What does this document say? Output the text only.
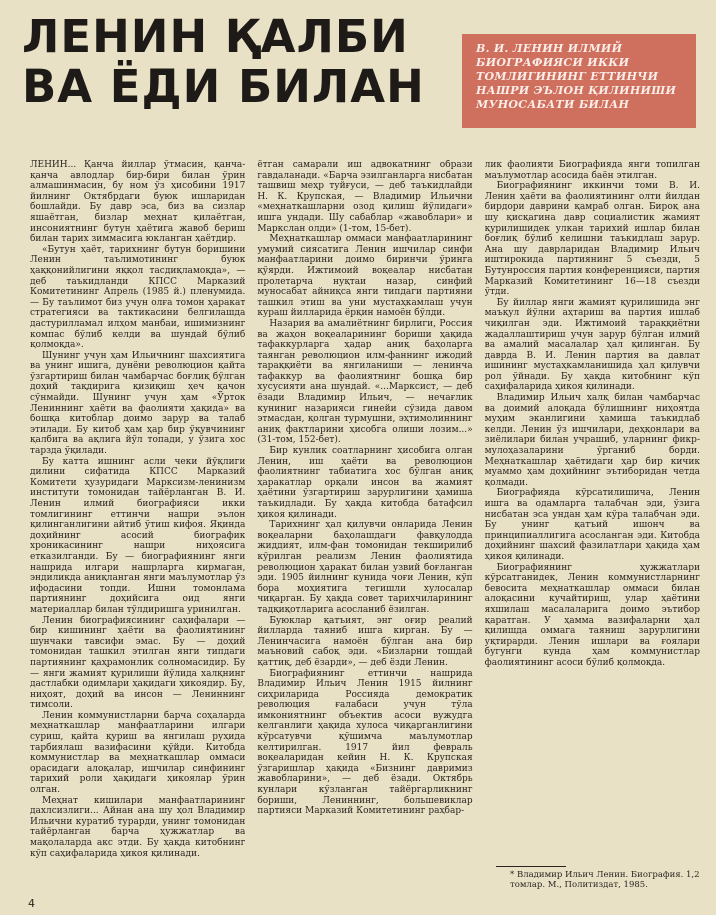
ЛЕНИН ҚАЛБИ
ВА ЁДИ БИЛАН
В. И. ЛЕНИН ИЛМИЙ БИОГРАФИЯСИ ИККИ ТОМЛИГИНИНГ ЕТТИНЧИ НАШРИ ЭЪЛОН ҚИЛИНИШИ МУНОСАБАТИ БИЛАН

ЛЕНИН... Қанча йиллар ўтмасин, қанча-қанча авлодлар бир-бири билан ўрин алмашинмасин, бу ном ўз ҳисобини 1917 йилнинг Октябрдаги буюк ишларидан бошлайди. Бу давр эса, биз ва сизлар яшаётган, бизлар меҳнат қилаётган, инсониятнинг бутун ҳаётига жавоб бериш билан тарих зиммасига юкланган ҳаётдир.

«Бутун ҳаёт, тарихнинг бутун боришини Ленин таълимотининг буюк ҳаққонийлигини яққол тасдиқламоқда», — деб таъкидланди КПСС Марказий Комитетининг Апрель (1985 й.) пленумида. — Бу таълимот биз учун олға томон ҳаракат стратегияси ва тактикасини белгилашда дастурилламал илҳом манбаи, ишимизнинг компас бўлиб келди ва шундай бўлиб қолмоқда».

Шунинг учун ҳам Ильичнинг шахсиятига ва унинг ишига, дунёни революцион қайта ўзгартириш билан чамбарчас боғлиқ бўлган доҳий тақдирига қизиқиш ҳеч қачон сўнмайди. Шунинг учун ҳам «Ўртоқ Лениннинг ҳаёти ва фаолияти ҳақида» ва бошқа китоблар доимо зарур ва талаб этилади. Бу китоб ҳам ҳар бир ўқувчининг қалбига ва ақлига йўл топади, у ўзига хос тарзда ўқилади.

Бу катта ишнинг асли чеки йўқлиги дилини сифатида КПСС Марказий Комитети ҳузуридаги Марксизм-ленинизм институти томонидан тайёрланган В. И. Ленин илмий биографияси икки томлигининг еттинчи нашри эълон қилинганлигини айтиб ўтиш кифоя. Яқинда доҳийнинг асосий биографик хроникасининг нашри ниҳоясига етказилганди. Бу — биографиянинг янги нашрида илгари нашрларга кирмаган, эндиликда аниқланган янги маълумотлар ўз ифодасини топди. Ишни томонлама партиянинг доҳийсига оид янги материаллар билан тўлдиришга уринилган.

Ленин биографиясининг саҳифалари — бир кишининг ҳаёти ва фаолиятининг шунчаки тавсифи эмас. Бу — доҳий томонидан ташкил этилган янги типдаги партиянинг қаҳрамонлик солномасидир. Бу — янги жамият қурилиши йўлида халқнинг дастлабки одимлари ҳақидаги ҳикоядир. Бу, ниҳоят, доҳий ва инсон — Лениннинг тимсоли.

Ленин коммунистларни барча соҳаларда меҳнаткашлар манфаатларини илгари суриш, қайта қуриш ва янгилаш руҳида тарбиялаш вазифасини қўйди. Китобда коммунистлар ва меҳнаткашлар оммаси орасидаги алоқалар, ишчилар синфининг тарихий роли ҳақидаги ҳикоялар ўрин олган.

Меҳнат кишилари манфаатларининг дахлсизлиги... Айнан ана шу ҳол Владимир Ильични куратиб турарди, унинг томонидан тайёрланган барча ҳужжатлар ва мақолаларда акс этди. Бу ҳақда китобнинг кўп саҳифаларида ҳикоя қилинади.

ётган самарали иш адвокатнинг образи гавдаланади. «Барча эзилганларга нисбатан ташвиш меҳр туйғуси, — деб таъкидлайди Н. К. Крупская, — Владимир Ильични «меҳнаткашларни озод қилиш йўлидаги» ишга ундади. Шу сабаблар «жавоблари» и Маркслан олди» (1-том, 15-бет).

Меҳнаткашлар оммаси манфаатларининг умумий сиясатига Ленин ишчилар синфи манфаатларини доимо биринчи ўринга қўярди. Ижтимоий воқеалар нисбатан пролетарча нуқтаи назар, синфий муносабат айниқса янги типдаги партияни ташкил этиш ва уни мустаҳкамлаш учун кураш йилларида ёрқин намоён бўлди.

Назария ва амалиётнинг бирлиги, Россия ва жаҳон воқеаларининг бориши ҳақида тафаккурларга ҳадар аниқ баҳоларга таянган революцион илм-фаннинг ижодий тараққиёти ва янгиланиши — ленинча тафаккур ва фаолиятнинг бошқа бир хусусияти ана шундай. «...Марксист, — деб ёзади Владимир Ильич, — нечағлик куниниг назарияси гинейи сўзида давом этмасдан, қолган турмушни, эҳтимолиннинг аниқ фактларини ҳисобга олиши лозим...» (31-том, 152-бет).

Бир кунлик соатларнинг ҳисобига олган Ленин, иш ҳаёти ва революцион фаолиятнинг табиатига хос бўлган аниқ ҳаракатлар орқали инсон ва жамият ҳаётини ўзгартириш зарурлигини ҳамиша таъкидлади. Бу ҳақда китобда батафсил ҳикоя қилинади.

Тарихнинг ҳал қилувчи онларида Ленин воқеаларни баҳолашдаги фавқулодда жиддият, илм-фан томонидан текширилиб кўрилган реализм Ленин фаолиятида революцион ҳаракат билан узвий боғланган эди. 1905 йилнинг кунида чоғи Ленин, кўп бора моҳиятига тегишли хулосалар чиқарган. Бу ҳақда совет тарихчиларининг тадқиқотларига асосланиб ёзилган.

Буюклар қатъият, энг оғир реалий йилларда таяниб ишга кирган. Бу — Ленинчасига намоён бўлган ана бир маъновий сабоқ эди. «Бизларни тошдай қаттиқ, деб ёзарди», — деб ёзди Ленин.

Биографиянинг еттинчи нашрида Владимир Ильич Ленин 1915 йилнинг сиҳриларида Россияда демократик революция ғалабаси учун тўла имкониятнинг объектив асоси вужудга келганлиги ҳақида хулоса чиқарганлигини кўрсатувчи қўшимча маълумотлар келтирилган. 1917 йил февраль воқеаларидан кейин Н. К. Крупская ўзгаришлар ҳақида «Бизнинг давримиз жавобларини», — деб ёзади. Октябрь кунлари кўзланган тайёргарликнинг бориши, Лениннинг, большевиклар партияси Марказий Комитетининг раҳбар-

лик фаолияти Биографияда янги топилган маълумотлар асосида баён этилган.

Биографиянинг иккинчи томи В. И. Ленин ҳаёти ва фаолиятининг олти йилдан бирдори даврини қамраб олган. Бироқ ана шу қисқагина давр социалистик жамият қурилишидек улкан тарихий ишлар билан боғлиқ бўлиб келишни таъкидлаш зарур. Ана шу даврларидан Владимир Ильич иштирокида партиянинг 5 съезди, 5 Бутунроссия партия конференцияси, партия Марказий Комитетининг 16—18 съезди ўтди.

Бу йиллар янги жамият қурилишида энг маъқул йўлни аҳтариш ва партия ишлаб чиқилган эди. Ижтимоий тараққиётни жадаллаштириш учун зарур бўлган илмий ва амалий масалалар ҳал қилинган. Бу даврда В. И. Ленин партия ва давлат ишининг мустаҳкамланишида ҳал қилувчи рол ўйнади. Бу ҳақда китобнинг кўп саҳифаларида ҳикоя қилинади.

Владимир Ильич халқ билан чамбарчас ва доимий алоқада бўлишнинг ниҳоятда муҳим эканлигини ҳамиша таъкидлаб келди. Ленин ўз ишчилари, деҳқонлари ва зиёлилари билан учрашиб, уларнинг фикр-мулоҳазаларини ўрганиб борди. Меҳнаткашлар ҳаётидаги ҳар бир кичик муаммо ҳам доҳийнинг эътиборидан четда қолмади.

Биографияда кўрсатилишича, Ленин ишга ва одамларга талабчан эди, ўзига нисбатан эса ундан ҳам кўра талабчан эди. Бу унинг қатъий ишонч ва принципиаллигига асосланган эди. Китобда доҳийнинг шахсий фазилатлари ҳақида ҳам ҳикоя қилинади.

Биографиянинг ҳужжатлари кўрсатганидек, Ленин коммунистларнинг бевосита меҳнаткашлар оммаси билан алоқасини кучайтириш, улар ҳаётини яхшилаш масалаларига доимо эътибор қаратган. У ҳамма вазифаларни ҳал қилишда оммага таяниш зарурлигини уқтирарди. Ленин ишлари ва ғоялари бугунги кунда ҳам коммунистлар фаолиятининг асоси бўлиб қолмоқда.

* Владимир Ильич Ленин. Биография. 1,2 томлар. М., Политиздат, 1985.
4
